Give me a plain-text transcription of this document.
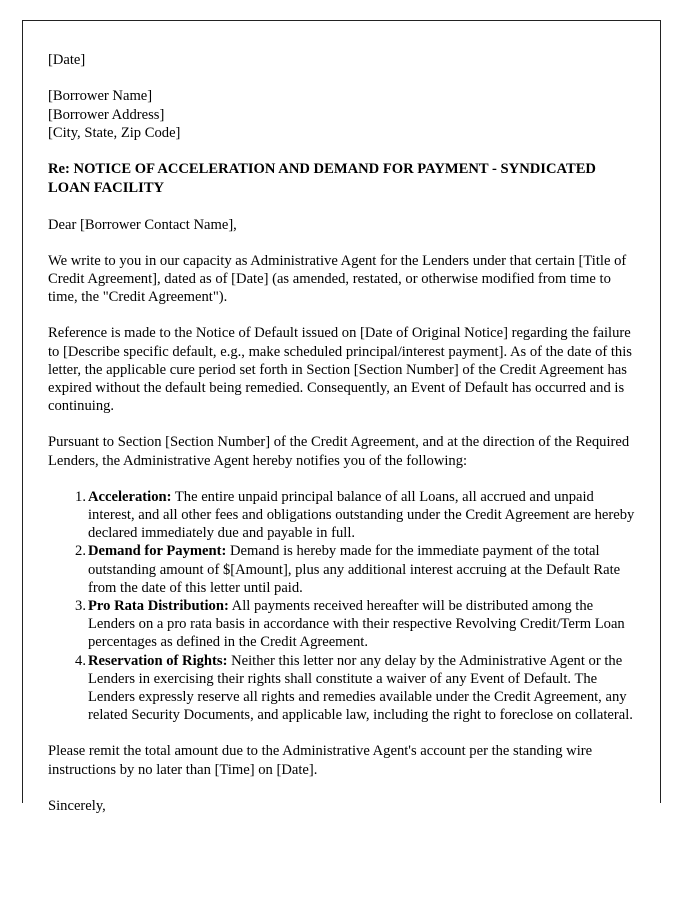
[Date]

[Borrower Name]

[Borrower Address]

[City, State, Zip Code]

Re: NOTICE OF ACCELERATION AND DEMAND FOR PAYMENT - SYNDICATED LOAN FACILITY

Dear [Borrower Contact Name],

We write to you in our capacity as Administrative Agent for the Lenders under that certain [Title of Credit Agreement], dated as of [Date] (as amended, restated, or otherwise modified from time to time, the "Credit Agreement").

Reference is made to the Notice of Default issued on [Date of Original Notice] regarding the failure to [Describe specific default, e.g., make scheduled principal/interest payment]. As of the date of this letter, the applicable cure period set forth in Section [Section Number] of the Credit Agreement has expired without the default being remedied. Consequently, an Event of Default has occurred and is continuing.

Pursuant to Section [Section Number] of the Credit Agreement, and at the direction of the Required Lenders, the Administrative Agent hereby notifies you of the following:

Acceleration: The entire unpaid principal balance of all Loans, all accrued and unpaid interest, and all other fees and obligations outstanding under the Credit Agreement are hereby declared immediately due and payable in full.
Demand for Payment: Demand is hereby made for the immediate payment of the total outstanding amount of $[Amount], plus any additional interest accruing at the Default Rate from the date of this letter until paid.
Pro Rata Distribution: All payments received hereafter will be distributed among the Lenders on a pro rata basis in accordance with their respective Revolving Credit/Term Loan percentages as defined in the Credit Agreement.
Reservation of Rights: Neither this letter nor any delay by the Administrative Agent or the Lenders in exercising their rights shall constitute a waiver of any Event of Default. The Lenders expressly reserve all rights and remedies available under the Credit Agreement, any related Security Documents, and applicable law, including the right to foreclose on collateral.

Please remit the total amount due to the Administrative Agent's account per the standing wire instructions by no later than [Time] on [Date].

Sincerely,
